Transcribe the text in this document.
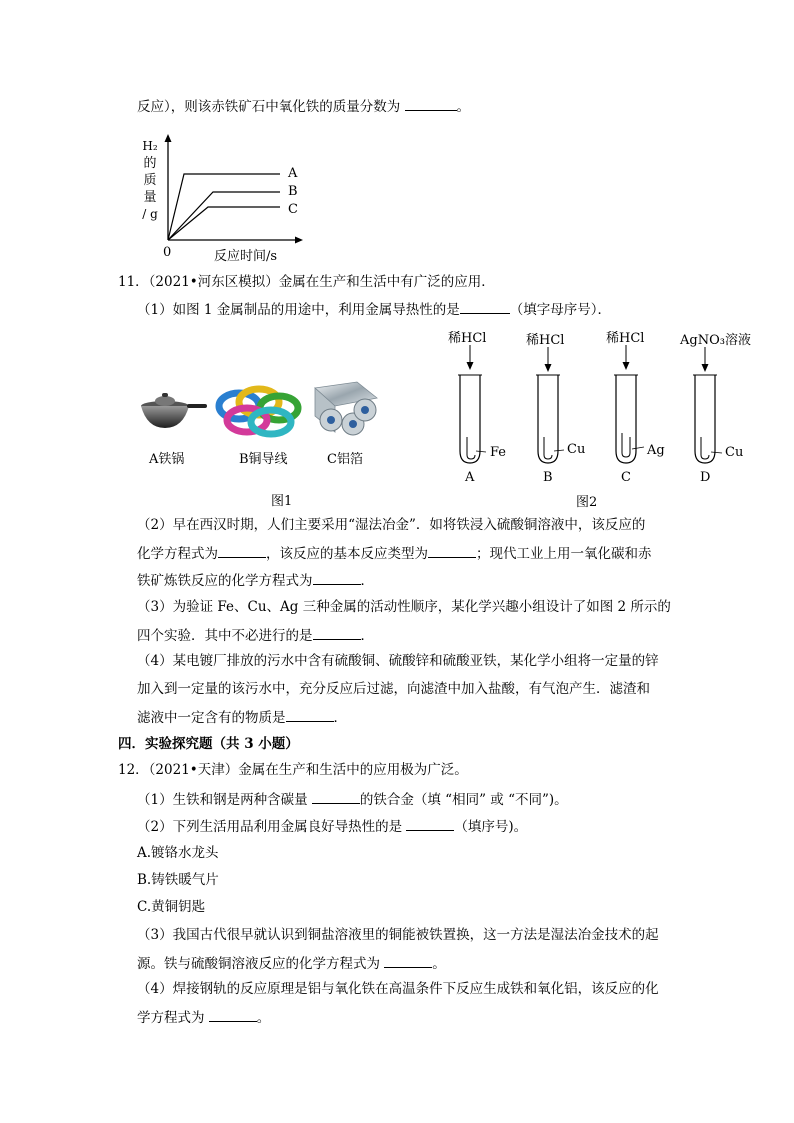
反应），则该赤铁矿石中氧化铁的质量分数为	。
H₂
的
质
量
/ g
0	反应时间/s
A
B
C
11．（2021•河东区模拟）金属在生产和生活中有广泛的应用．
（1）如图 1 金属制品的用途中，利用金属导热性的是	（填字母序号）．
A铁锅	B铜导线	C铝箔
图1
稀HCl	稀HCl	稀HCl	AgNO₃溶液
Fe	Cu	Ag	Cu
A	B	C	D
图2
（2）早在西汉时期，人们主要采用“湿法冶金”．如将铁浸入硫酸铜溶液中，该反应的
化学方程式为	，该反应的基本反应类型为	；现代工业上用一氧化碳和赤
铁矿炼铁反应的化学方程式为	．
（3）为验证 Fe、Cu、Ag 三种金属的活动性顺序，某化学兴趣小组设计了如图 2 所示的
四个实验．其中不必进行的是	．
（4）某电镀厂排放的污水中含有硫酸铜、硫酸锌和硫酸亚铁，某化学小组将一定量的锌
加入到一定量的该污水中，充分反应后过滤，向滤渣中加入盐酸，有气泡产生．滤渣和
滤液中一定含有的物质是	．
四．实验探究题（共 3 小题）
12．（2021•天津）金属在生产和生活中的应用极为广泛。
（1）生铁和钢是两种含碳量	的铁合金（填 “相同” 或 “不同”)。
（2）下列生活用品利用金属良好导热性的是	（填序号)。
A.镀铬水龙头
B.铸铁暖气片
C.黄铜钥匙
（3）我国古代很早就认识到铜盐溶液里的铜能被铁置换，这一方法是湿法冶金技术的起
源。铁与硫酸铜溶液反应的化学方程式为	。
（4）焊接钢轨的反应原理是铝与氧化铁在高温条件下反应生成铁和氧化铝，该反应的化
学方程式为	。
